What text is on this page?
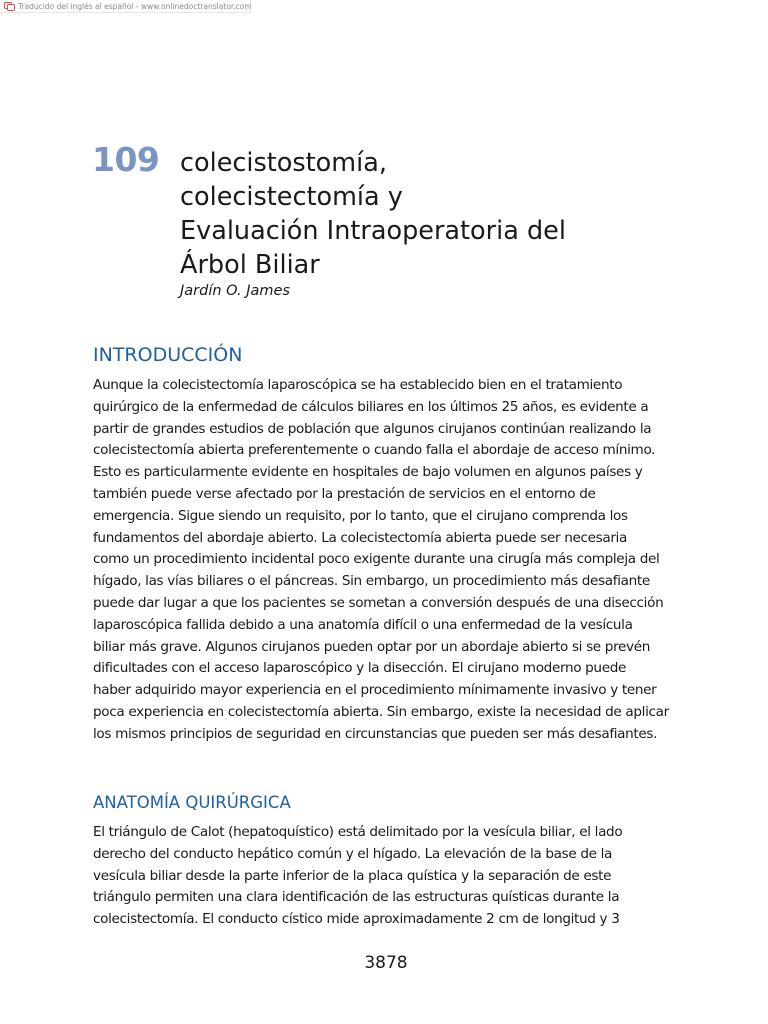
Traducido del inglés al español - www.onlinedoctranslator.com
109 colecistostomía,
colecistectomía y
Evaluación Intraoperatoria del
Árbol Biliar
Jardín O. James
INTRODUCCIÓN
Aunque la colecistectomía laparoscópica se ha establecido bien en el tratamiento
quirúrgico de la enfermedad de cálculos biliares en los últimos 25 años, es evidente a
partir de grandes estudios de población que algunos cirujanos continúan realizando la
colecistectomía abierta preferentemente o cuando falla el abordaje de acceso mínimo.
Esto es particularmente evidente en hospitales de bajo volumen en algunos países y
también puede verse afectado por la prestación de servicios en el entorno de
emergencia. Sigue siendo un requisito, por lo tanto, que el cirujano comprenda los
fundamentos del abordaje abierto. La colecistectomía abierta puede ser necesaria
como un procedimiento incidental poco exigente durante una cirugía más compleja del
hígado, las vías biliares o el páncreas. Sin embargo, un procedimiento más desafiante
puede dar lugar a que los pacientes se sometan a conversión después de una disección
laparoscópica fallida debido a una anatomía difícil o una enfermedad de la vesícula
biliar más grave. Algunos cirujanos pueden optar por un abordaje abierto si se prevén
dificultades con el acceso laparoscópico y la disección. El cirujano moderno puede
haber adquirido mayor experiencia en el procedimiento mínimamente invasivo y tener
poca experiencia en colecistectomía abierta. Sin embargo, existe la necesidad de aplicar
los mismos principios de seguridad en circunstancias que pueden ser más desafiantes.
ANATOMÍA QUIRÚRGICA
El triángulo de Calot (hepatoquístico) está delimitado por la vesícula biliar, el lado
derecho del conducto hepático común y el hígado. La elevación de la base de la
vesícula biliar desde la parte inferior de la placa quística y la separación de este
triángulo permiten una clara identificación de las estructuras quísticas durante la
colecistectomía. El conducto cístico mide aproximadamente 2 cm de longitud y 3
3878
